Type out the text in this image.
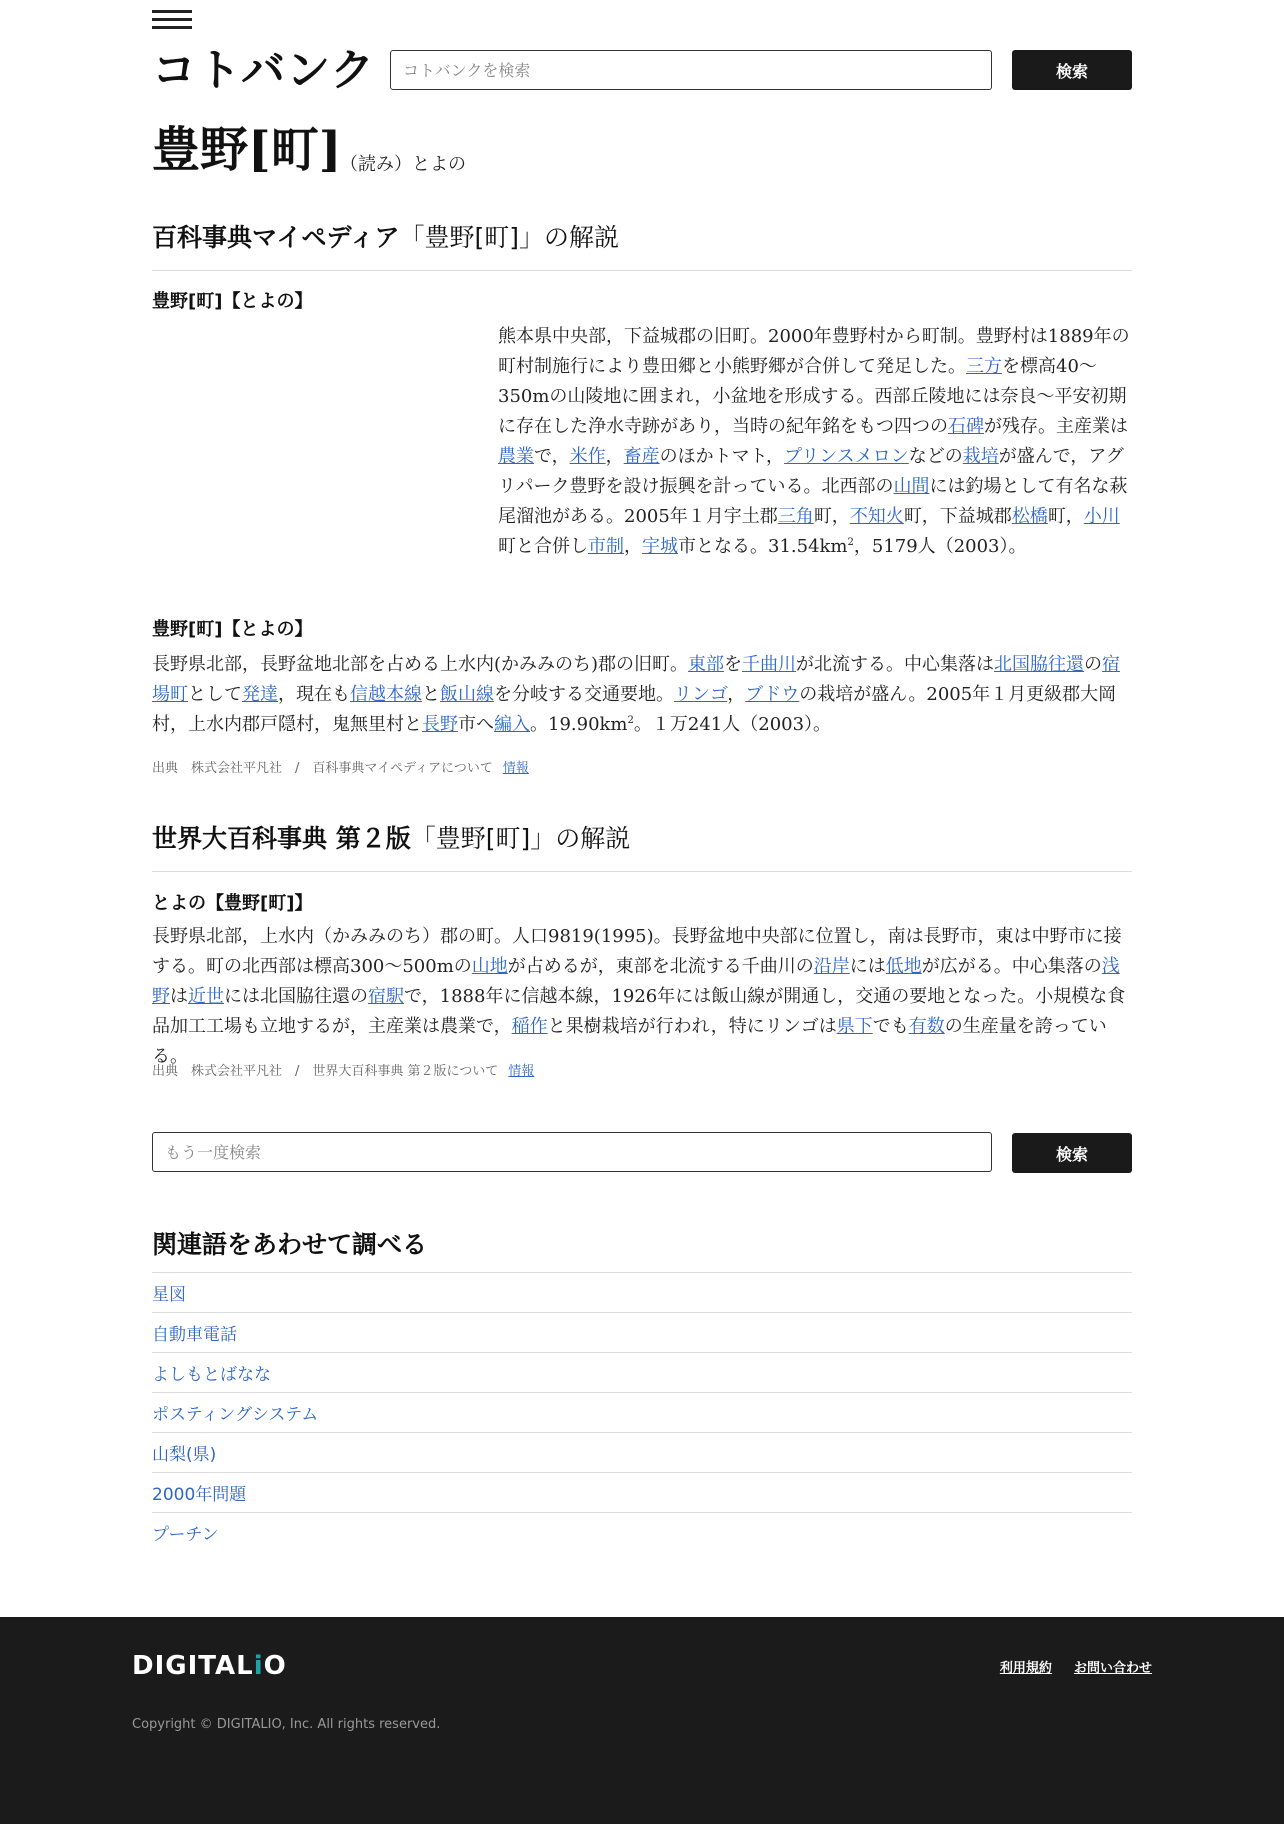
コトバンク
コトバンクを検索	検索
豊野[町]
（読み）とよの
百科事典マイペディア「豊野[町]」の解説
豊野[町]【とよの】

熊本県中央部，下益城郡の旧町。2000年豊野村から町制。豊野村は1889年の町村制施行により豊田郷と小熊野郷が合併して発足した。三方を標高40〜350mの山陵地に囲まれ，小盆地を形成する。西部丘陵地には奈良〜平安初期に存在した浄水寺跡があり，当時の紀年銘をもつ四つの石碑が残存。主産業は農業で，米作，畜産のほかトマト，プリンスメロンなどの栽培が盛んで，アグリパーク豊野を設け振興を計っている。北西部の山間には釣場として有名な萩尾溜池がある。2005年１月宇土郡三角町，不知火町，下益城郡松橋町，小川町と合併し市制，宇城市となる。$31.54km^2$，5179人（2003）。

豊野[町]【とよの】

長野県北部，長野盆地北部を占める上水内(かみみのち)郡の旧町。東部を千曲川が北流する。中心集落は北国脇往還の宿場町として発達，現在も信越本線と飯山線を分岐する交通要地。リンゴ，ブドウの栽培が盛ん。2005年１月更級郡大岡村，上水内郡戸隠村，鬼無里村と長野市へ編入。$19.90km^2$。１万241人（2003）。

出典　株式会社平凡社　/　百科事典マイペディアについて 情報
世界大百科事典 第２版「豊野[町]」の解説
とよの【豊野[町]】

長野県北部，上水内（かみみのち）郡の町。人口9819(1995)。長野盆地中央部に位置し，南は長野市，東は中野市に接する。町の北西部は標高300～500mの山地が占めるが，東部を北流する千曲川の沿岸には低地が広がる。中心集落の浅野は近世には北国脇往還の宿駅で，1888年に信越本線，1926年には飯山線が開通し，交通の要地となった。小規模な食品加工工場も立地するが，主産業は農業で，稲作と果樹栽培が行われ，特にリンゴは県下でも有数の生産量を誇っている。

出典　株式会社平凡社　/　世界大百科事典 第２版について 情報
もう一度検索
検索
関連語をあわせて調べる
星図
自動車電話
よしもとばなな
ポスティングシステム
山梨(県)
2000年問題
プーチン
DIGITALiO	利用規約 お問い合わせ
Copyright © DIGITALIO, Inc. All rights reserved.
